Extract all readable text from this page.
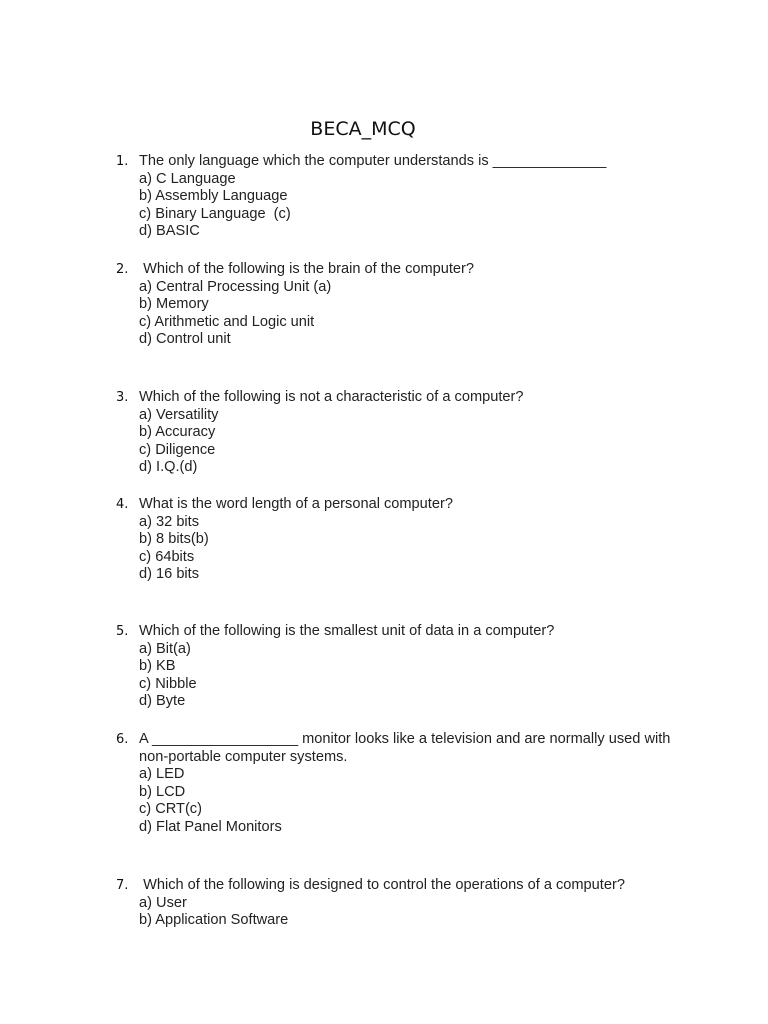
BECA_MCQ
1. The only language which the computer understands is ______________
a) C Language
b) Assembly Language
c) Binary Language  (c)
d) BASIC
2. Which of the following is the brain of the computer?
a) Central Processing Unit (a)
b) Memory
c) Arithmetic and Logic unit
d) Control unit
3. Which of the following is not a characteristic of a computer?
a) Versatility
b) Accuracy
c) Diligence
d) I.Q.(d)
4. What is the word length of a personal computer?
a) 32 bits
b) 8 bits(b)
c) 64bits
d) 16 bits
5. Which of the following is the smallest unit of data in a computer?
a) Bit(a)
b) KB
c) Nibble
d) Byte
6. A __________________ monitor looks like a television and are normally used with non-portable computer systems.
a) LED
b) LCD
c) CRT(c)
d) Flat Panel Monitors
7. Which of the following is designed to control the operations of a computer?
a) User
b) Application Software
